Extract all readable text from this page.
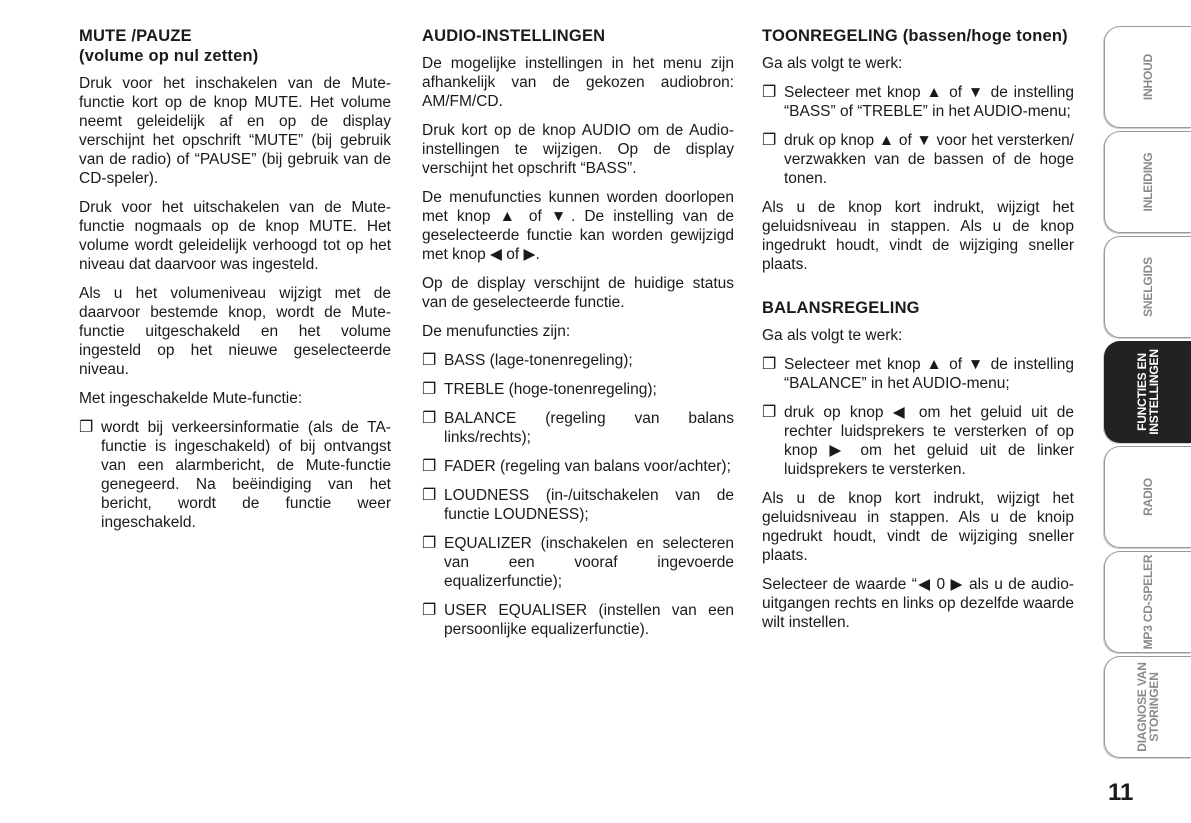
MUTE /PAUZE
(volume op nul zetten)

Druk voor het inschakelen van de Mute-functie kort op de knop MUTE. Het volume neemt geleidelijk af en op de display verschijnt het opschrift “MUTE” (bij gebruik van de radio) of “PAUSE” (bij gebruik van de CD-speler).

Druk voor het uitschakelen van de Mute-functie nogmaals op de knop MUTE. Het volume wordt geleidelijk verhoogd tot op het niveau dat daarvoor was ingesteld.

Als u het volumeniveau wijzigt met de daarvoor bestemde knop, wordt de Mute-functie uitgeschakeld en het volume ingesteld op het nieuwe geselecteerde niveau.

Met ingeschakelde Mute-functie:

❐ wordt bij verkeersinformatie (als de TA-functie is ingeschakeld) of bij ontvangst van een alarmbericht, de Mute-functie genegeerd. Na beëindiging van het bericht, wordt de functie weer ingeschakeld.
AUDIO-INSTELLINGEN

De mogelijke instellingen in het menu zijn afhankelijk van de gekozen audiobron: AM/FM/CD.

Druk kort op de knop AUDIO om de Audio-instellingen te wijzigen. Op de display verschijnt het opschrift “BASS”.

De menufuncties kunnen worden doorlopen met knop ▲ of ▼. De instelling van de geselecteerde functie kan worden gewijzigd met knop ◀ of ▶.

Op de display verschijnt de huidige status van de geselecteerde functie.

De menufuncties zijn:

❐ BASS (lage-tonenregeling);
❐ TREBLE (hoge-tonenregeling);
❐ BALANCE (regeling van balans links/rechts);
❐ FADER (regeling van balans voor/achter);
❐ LOUDNESS (in-/uitschakelen van de functie LOUDNESS);
❐ EQUALIZER (inschakelen en selecteren van een vooraf ingevoerde equalizerfunctie);
❐ USER EQUALISER (instellen van een persoonlijke equalizerfunctie).
TOONREGELING (bassen/hoge tonen)

Ga als volgt te werk:

❐ Selecteer met knop ▲ of ▼ de instelling “BASS” of “TREBLE” in het AUDIO-menu;
❐ druk op knop ▲ of ▼ voor het versterken/ verzwakken van de bassen of de hoge tonen.

Als u de knop kort indrukt, wijzigt het geluidsniveau in stappen. Als u de knop ingedrukt houdt, vindt de wijziging sneller plaats.

BALANSREGELING

Ga als volgt te werk:

❐ Selecteer met knop ▲ of ▼ de instelling “BALANCE” in het AUDIO-menu;
❐ druk op knop ◀ om het geluid uit de rechter luidsprekers te versterken of op knop ▶ om het geluid uit de linker luidsprekers te versterken.

Als u de knop kort indrukt, wijzigt het geluidsniveau in stappen. Als u de knoip ngedrukt houdt, vindt de wijziging sneller plaats.

Selecteer de waarde “◀ 0 ▶ als u de audio-uitgangen rechts en links op dezelfde waarde wilt instellen.

INHOUD
INLEIDING
SNELGIDS
FUNCTIES EN
INSTELLINGEN
RADIO
MP3 CD-SPELER
DIAGNOSE VAN
STORINGEN
11
